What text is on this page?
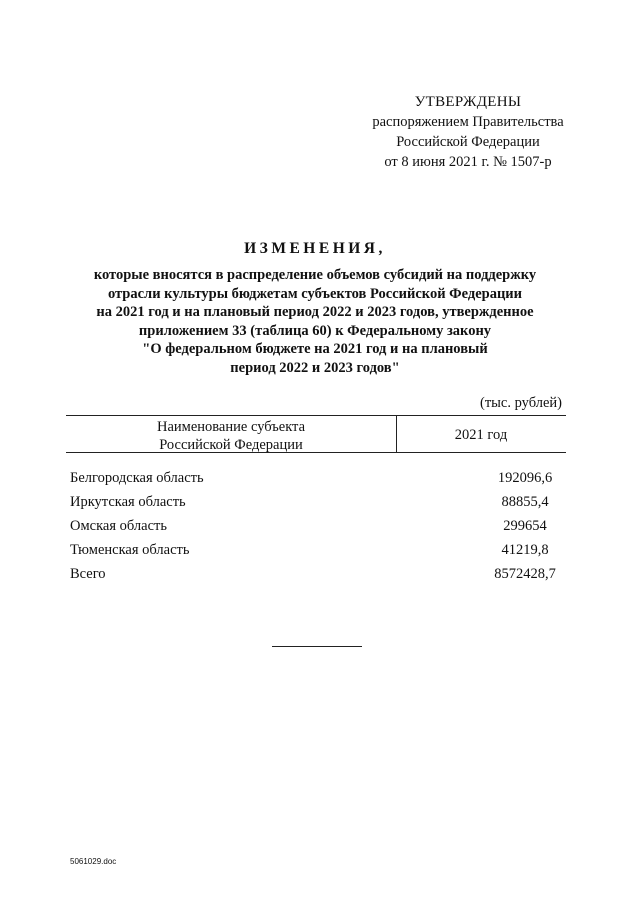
УТВЕРЖДЕНЫ
распоряжением Правительства
Российской Федерации
от 8 июня 2021 г. № 1507-р
ИЗМЕНЕНИЯ,
которые вносятся в распределение объемов субсидий на поддержку
отрасли культуры бюджетам субъектов Российской Федерации
на 2021 год и на плановый период 2022 и 2023 годов, утвержденное
приложением 33 (таблица 60) к Федеральному закону
"О федеральном бюджете на 2021 год и на плановый
период 2022 и 2023 годов"
(тыс. рублей)
Наименование субъекта
Российской Федерации
2021 год
Белгородская область	192096,6
Иркутская область	88855,4
Омская область	299654
Тюменская область	41219,8
Всего	8572428,7
5061029.doc
